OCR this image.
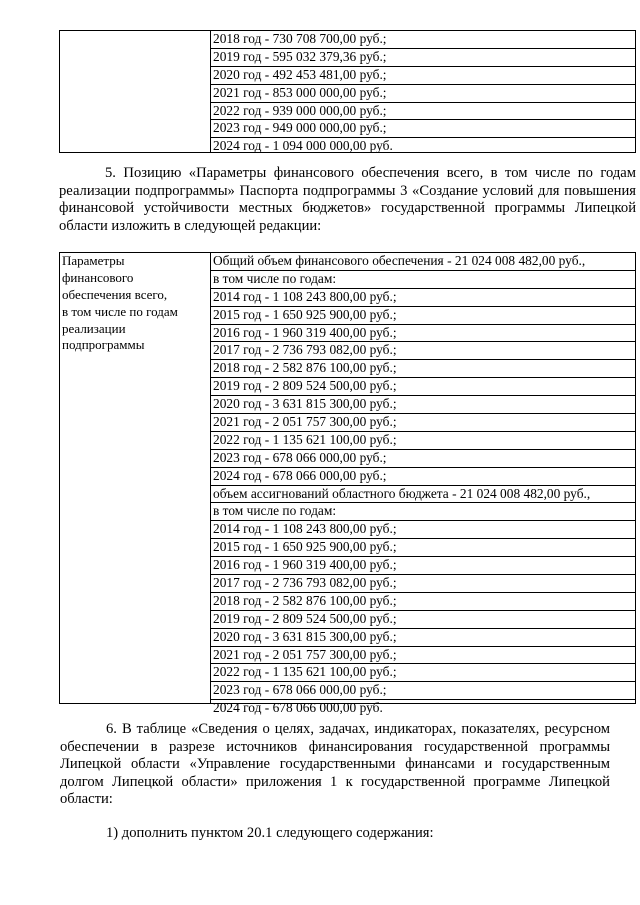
2018 год - 730 708 700,00 руб.;
2019 год - 595 032 379,36 руб.;
2020 год - 492 453 481,00 руб.;
2021 год - 853 000 000,00 руб.;
2022 год - 939 000 000,00 руб.;
2023 год - 949 000 000,00 руб.;
2024 год - 1 094 000 000,00 руб.

5. Позицию «Параметры финансового обеспечения всего, в том числе по годам реализации подпрограммы» Паспорта подпрограммы 3 «Создание условий для повышения финансовой устойчивости местных бюджетов» государственной программы Липецкой области изложить в следующей редакции:

Параметры
финансового
обеспечения всего,
в том числе по годам
реализации
подпрограммы
Общий объем финансового обеспечения - 21 024 008 482,00 руб.,
в том числе по годам:
2014 год - 1 108 243 800,00 руб.;
2015 год - 1 650 925 900,00 руб.;
2016 год - 1 960 319 400,00 руб.;
2017 год - 2 736 793 082,00 руб.;
2018 год - 2 582 876 100,00 руб.;
2019 год - 2 809 524 500,00 руб.;
2020 год - 3 631 815 300,00 руб.;
2021 год - 2 051 757 300,00 руб.;
2022 год - 1 135 621 100,00 руб.;
2023 год - 678 066 000,00 руб.;
2024 год - 678 066 000,00 руб.;
объем ассигнований областного бюджета - 21 024 008 482,00 руб.,
в том числе по годам:
2014 год - 1 108 243 800,00 руб.;
2015 год - 1 650 925 900,00 руб.;
2016 год - 1 960 319 400,00 руб.;
2017 год - 2 736 793 082,00 руб.;
2018 год - 2 582 876 100,00 руб.;
2019 год - 2 809 524 500,00 руб.;
2020 год - 3 631 815 300,00 руб.;
2021 год - 2 051 757 300,00 руб.;
2022 год - 1 135 621 100,00 руб.;
2023 год - 678 066 000,00 руб.;
2024 год - 678 066 000,00 руб.

6. В таблице «Сведения о целях, задачах, индикаторах, показателях, ресурсном обеспечении в разрезе источников финансирования государственной программы Липецкой области «Управление государственными финансами и государственным долгом Липецкой области» приложения 1 к государственной программе Липецкой области:

1) дополнить пунктом 20.1 следующего содержания:
